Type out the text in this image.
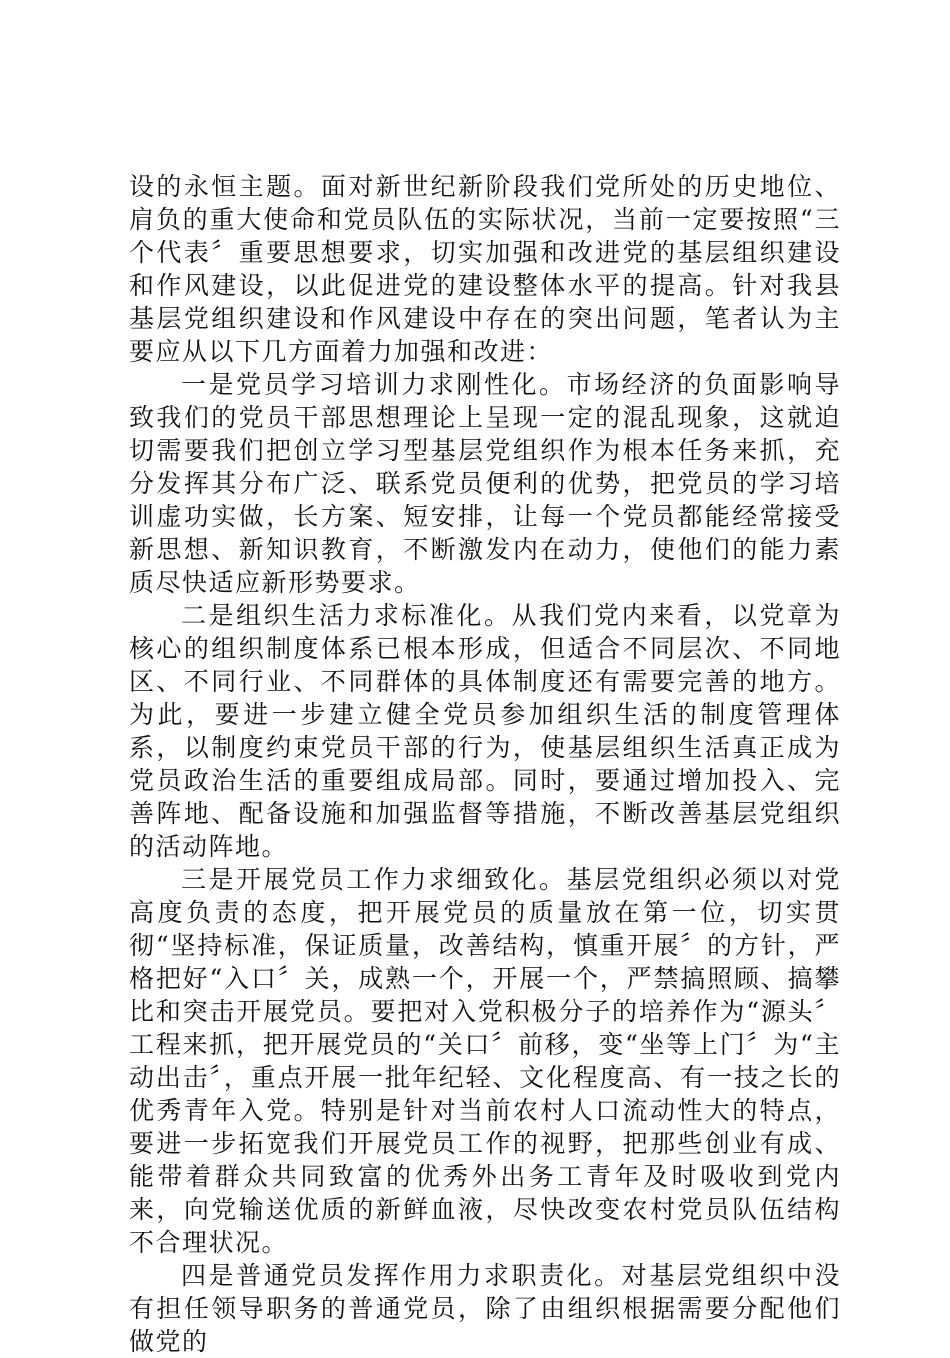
设的永恒主题。面对新世纪新阶段我们党所处的历史地位、肩负的重大使命和党员队伍的实际状况，当前一定要按照“三个代表〞重要思想要求，切实加强和改进党的基层组织建设和作风建设，以此促进党的建设整体水平的提高。针对我县基层党组织建设和作风建设中存在的突出问题，笔者认为主要应从以下几方面着力加强和改进：

一是党员学习培训力求刚性化。市场经济的负面影响导致我们的党员干部思想理论上呈现一定的混乱现象，这就迫切需要我们把创立学习型基层党组织作为根本任务来抓，充分发挥其分布广泛、联系党员便利的优势，把党员的学习培训虚功实做，长方案、短安排，让每一个党员都能经常接受新思想、新知识教育，不断激发内在动力，使他们的能力素质尽快适应新形势要求。

二是组织生活力求标准化。从我们党内来看，以党章为核心的组织制度体系已根本形成，但适合不同层次、不同地区、不同行业、不同群体的具体制度还有需要完善的地方。为此，要进一步建立健全党员参加组织生活的制度管理体系，以制度约束党员干部的行为，使基层组织生活真正成为党员政治生活的重要组成局部。同时，要通过增加投入、完善阵地、配备设施和加强监督等措施，不断改善基层党组织的活动阵地。

三是开展党员工作力求细致化。基层党组织必须以对党高度负责的态度，把开展党员的质量放在第一位，切实贯彻“坚持标准，保证质量，改善结构，慎重开展〞的方针，严格把好“入口〞关，成熟一个，开展一个，严禁搞照顾、搞攀比和突击开展党员。要把对入党积极分子的培养作为“源头〞工程来抓，把开展党员的“关口〞前移，变“坐等上门〞为“主动出击〞，重点开展一批年纪轻、文化程度高、有一技之长的优秀青年入党。特别是针对当前农村人口流动性大的特点，要进一步拓宽我们开展党员工作的视野，把那些创业有成、能带着群众共同致富的优秀外出务工青年及时吸收到党内来，向党输送优质的新鲜血液，尽快改变农村党员队伍结构不合理状况。

四是普通党员发挥作用力求职责化。对基层党组织中没有担任领导职务的普通党员，除了由组织根据需要分配他们做党的
